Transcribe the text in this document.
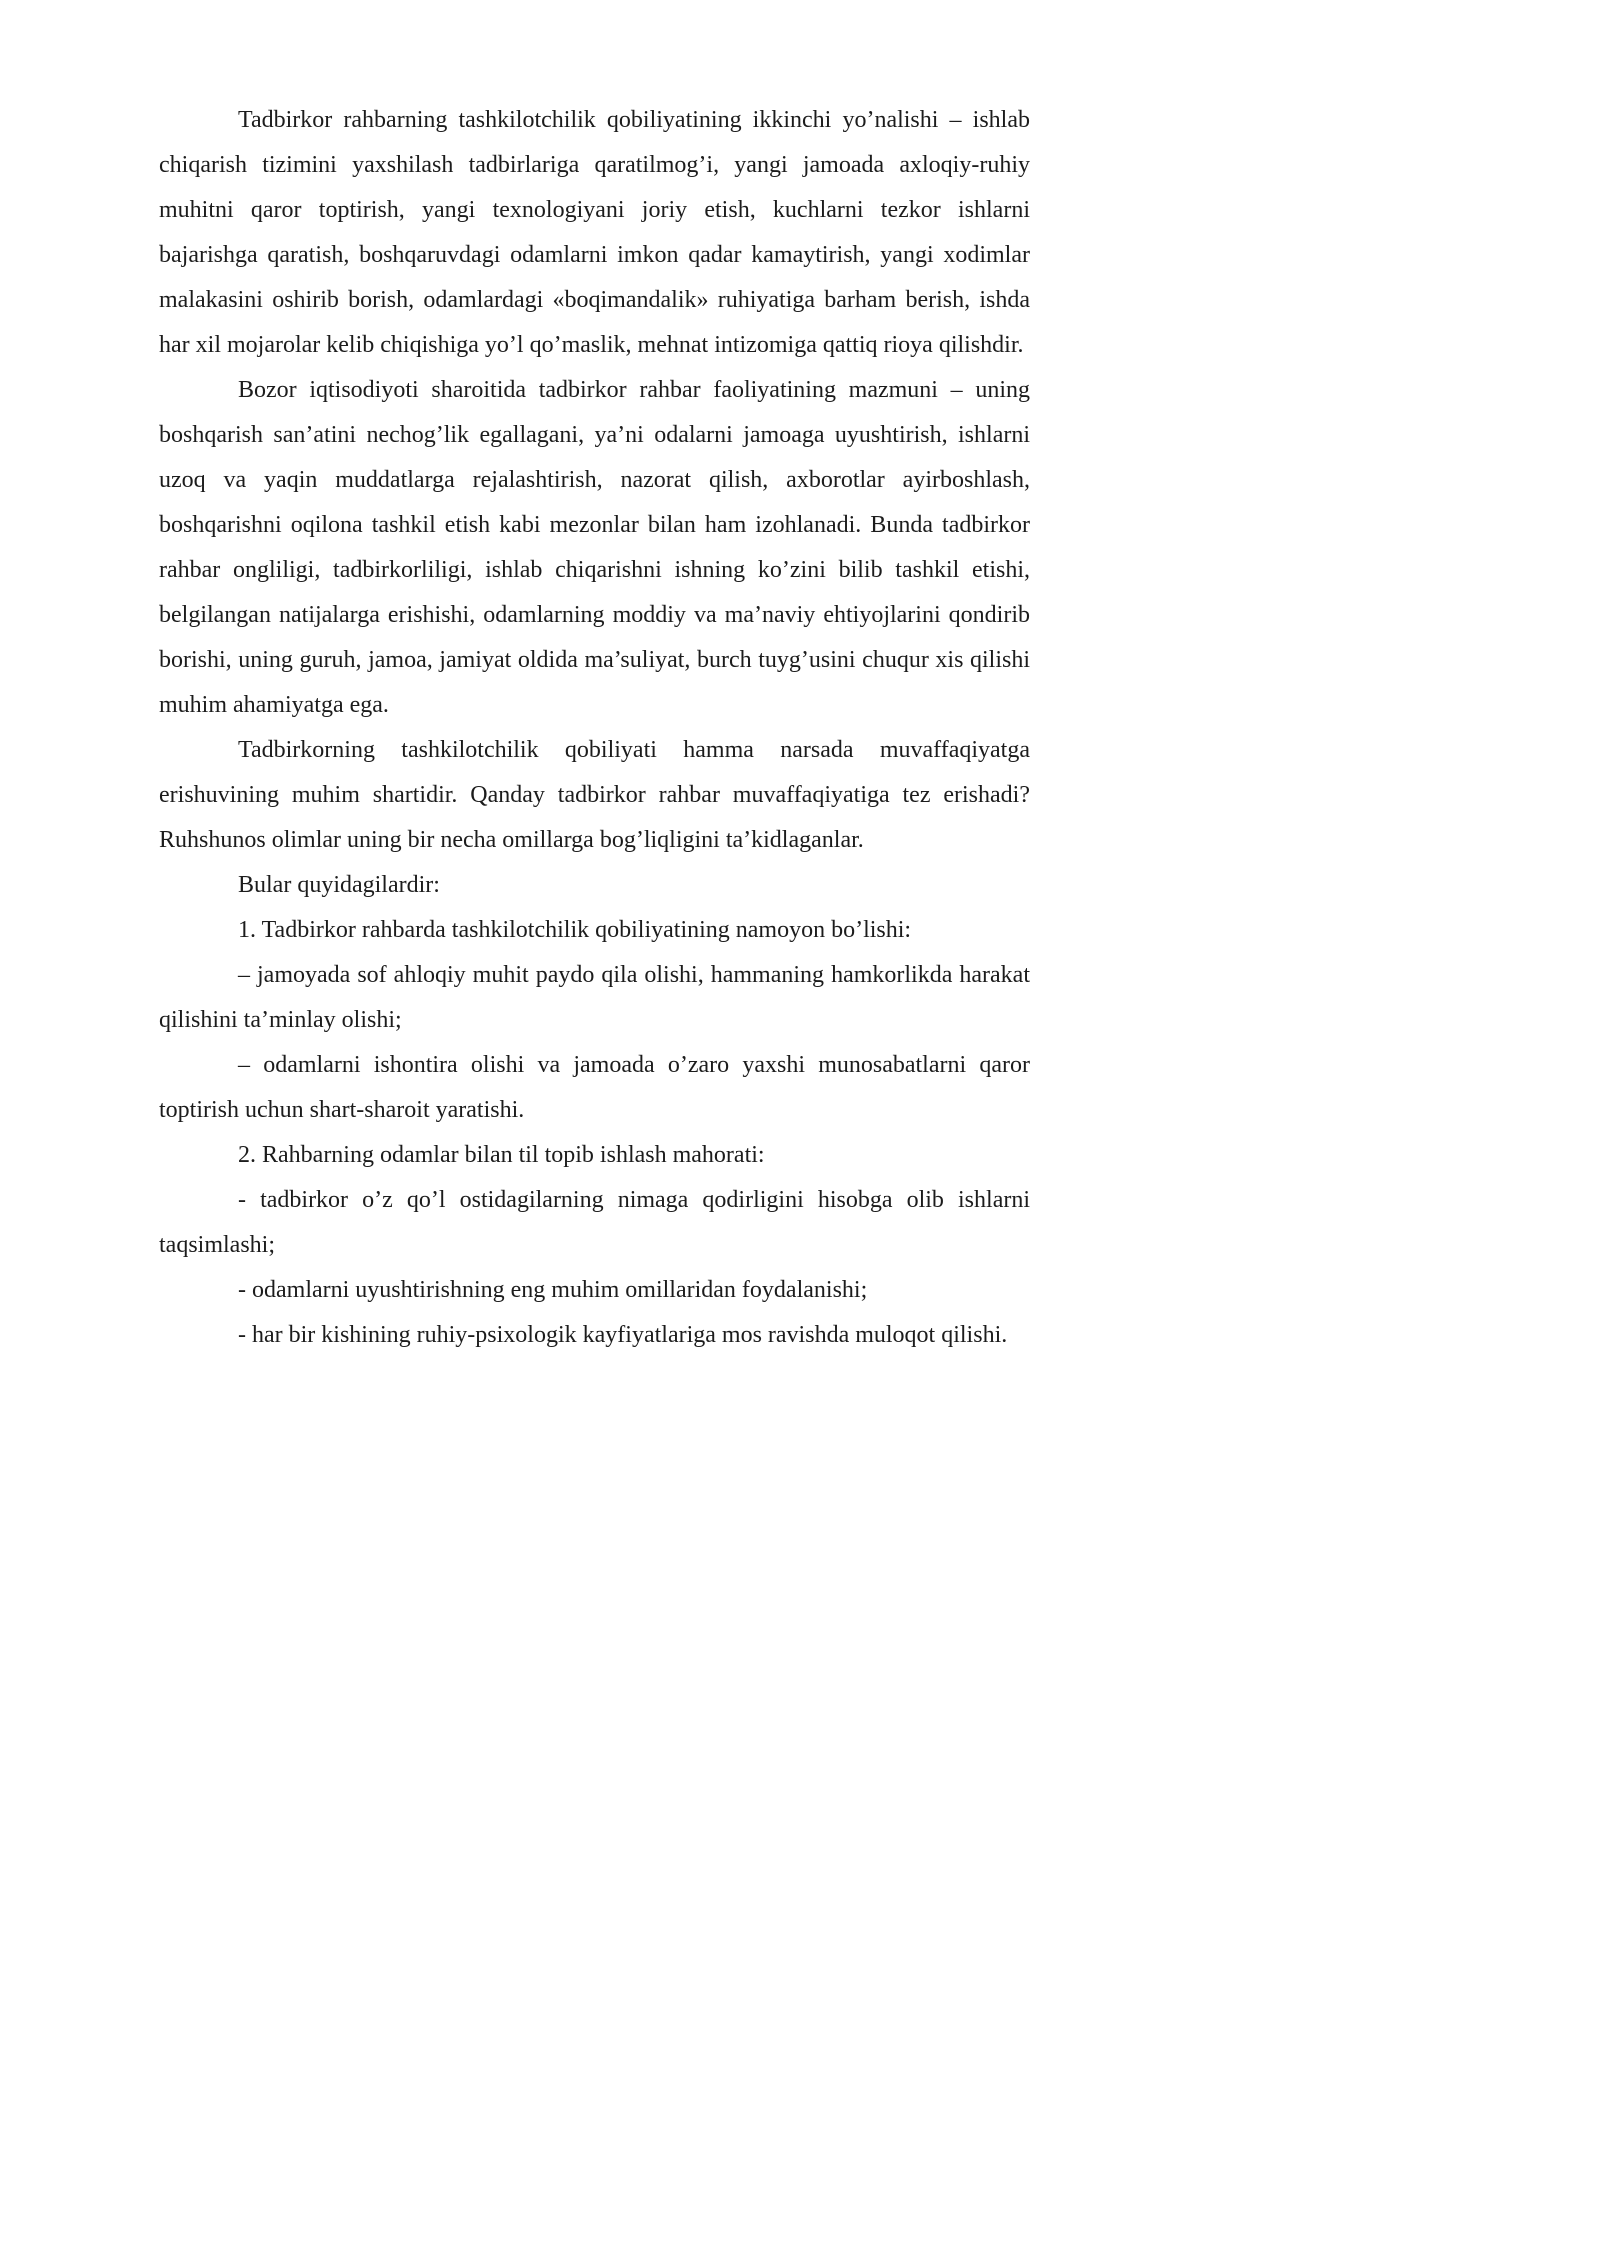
Tadbirkor rahbarning tashkilotchilik qobiliyatining ikkinchi yo’nalishi – ishlab chiqarish tizimini yaxshilash tadbirlariga qaratilmog’i, yangi jamoada axloqiy-ruhiy muhitni qaror toptirish, yangi texnologiyani joriy etish, kuchlarni tezkor ishlarni bajarishga qaratish, boshqaruvdagi odamlarni imkon qadar kamaytirish, yangi xodimlar malakasini oshirib borish, odamlardagi «boqimandalik» ruhiyatiga barham berish, ishda har xil mojarolar kelib chiqishiga yo’l qo’maslik, mehnat intizomiga qattiq rioya qilishdir.

Bozor iqtisodiyoti sharoitida tadbirkor rahbar faoliyatining mazmuni – uning boshqarish san’atini nechog’lik egallagani, ya’ni odalarni jamoaga uyushtirish, ishlarni uzoq va yaqin muddatlarga rejalashtirish, nazorat qilish, axborotlar ayirboshlash, boshqarishni oqilona tashkil etish kabi mezonlar bilan ham izohlanadi. Bunda tadbirkor rahbar ongliligi, tadbirkorliligi, ishlab chiqarishni ishning ko’zini bilib tashkil etishi, belgilangan natijalarga erishishi, odamlarning moddiy va ma’naviy ehtiyojlarini qondirib borishi, uning guruh, jamoa, jamiyat oldida ma’suliyat, burch tuyg’usini chuqur xis qilishi muhim ahamiyatga ega.

Tadbirkorning tashkilotchilik qobiliyati hamma narsada muvaffaqiyatga erishuvining muhim shartidir. Qanday tadbirkor rahbar muvaffaqiyatiga tez erishadi? Ruhshunos olimlar uning bir necha omillarga bog’liqligini ta’kidlaganlar.

Bular quyidagilardir:

1. Tadbirkor rahbarda tashkilotchilik qobiliyatining namoyon bo’lishi:

– jamoyada sof ahloqiy muhit paydo qila olishi, hammaning hamkorlikda harakat qilishini ta’minlay olishi;

– odamlarni ishontira olishi va jamoada o’zaro yaxshi munosabatlarni qaror toptirish uchun shart-sharoit yaratishi.

2. Rahbarning odamlar bilan til topib ishlash mahorati:

- tadbirkor o’z qo’l ostidagilarning nimaga qodirligini hisobga olib ishlarni taqsimlashi;

- odamlarni uyushtirishning eng muhim omillaridan foydalanishi;

- har bir kishining ruhiy-psixologik kayfiyatlariga mos ravishda muloqot qilishi.
